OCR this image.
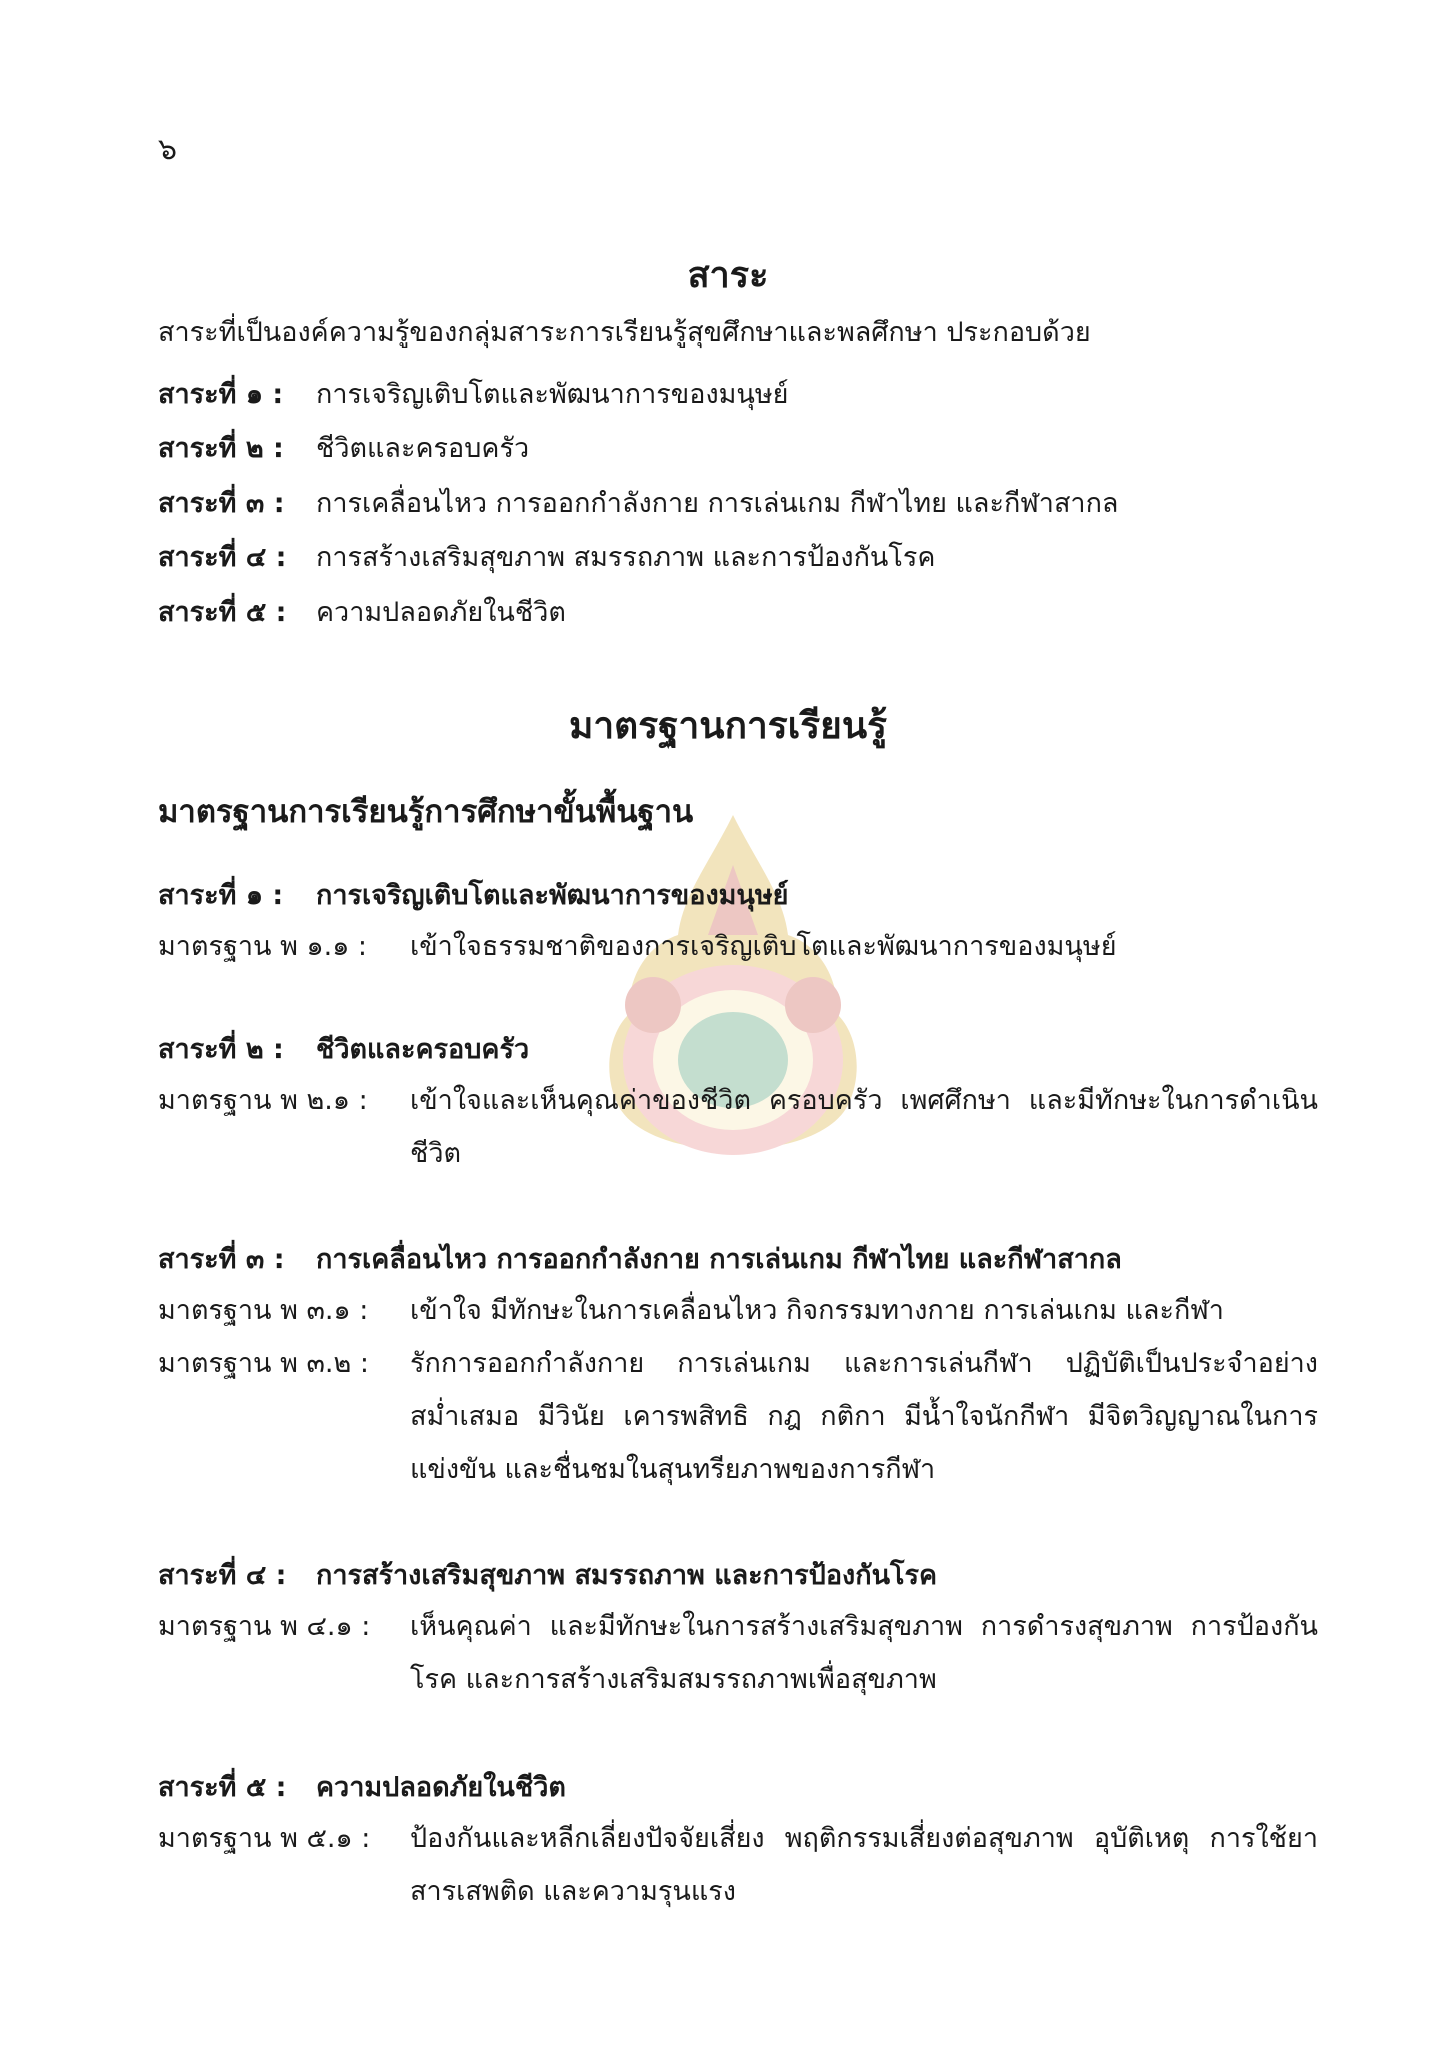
๖
สาระ
สาระที่เป็นองค์ความรู้ของกลุ่มสาระการเรียนรู้สุขศึกษาและพลศึกษา ประกอบด้วย
สาระที่ ๑ :	การเจริญเติบโตและพัฒนาการของมนุษย์
สาระที่ ๒ :	ชีวิตและครอบครัว
สาระที่ ๓ :	การเคลื่อนไหว การออกกำลังกาย การเล่นเกม กีฬาไทย และกีฬาสากล
สาระที่ ๔ :	การสร้างเสริมสุขภาพ สมรรถภาพ และการป้องกันโรค
สาระที่ ๕ :	ความปลอดภัยในชีวิต
มาตรฐานการเรียนรู้
มาตรฐานการเรียนรู้การศึกษาขั้นพื้นฐาน
สาระที่ ๑ :	การเจริญเติบโตและพัฒนาการของมนุษย์
มาตรฐาน พ ๑.๑ :	เข้าใจธรรมชาติของการเจริญเติบโตและพัฒนาการของมนุษย์
สาระที่ ๒ :	ชีวิตและครอบครัว
มาตรฐาน พ ๒.๑ :	เข้าใจและเห็นคุณค่าของชีวิต ครอบครัว เพศศึกษา และมีทักษะในการดำเนินชีวิต
สาระที่ ๓ :	การเคลื่อนไหว การออกกำลังกาย การเล่นเกม กีฬาไทย และกีฬาสากล
มาตรฐาน พ ๓.๑ :	เข้าใจ มีทักษะในการเคลื่อนไหว กิจกรรมทางกาย การเล่นเกม และกีฬา
มาตรฐาน พ ๓.๒ :	รักการออกกำลังกาย การเล่นเกม และการเล่นกีฬา ปฏิบัติเป็นประจำอย่างสม่ำเสมอ มีวินัย เคารพสิทธิ กฎ กติกา มีน้ำใจนักกีฬา มีจิตวิญญาณในการแข่งขัน และชื่นชมในสุนทรียภาพของการกีฬา
สาระที่ ๔ :	การสร้างเสริมสุขภาพ สมรรถภาพ และการป้องกันโรค
มาตรฐาน พ ๔.๑ :	เห็นคุณค่า และมีทักษะในการสร้างเสริมสุขภาพ การดำรงสุขภาพ การป้องกันโรค และการสร้างเสริมสมรรถภาพเพื่อสุขภาพ
สาระที่ ๕ :	ความปลอดภัยในชีวิต
มาตรฐาน พ ๕.๑ :	ป้องกันและหลีกเลี่ยงปัจจัยเสี่ยง พฤติกรรมเสี่ยงต่อสุขภาพ อุบัติเหตุ การใช้ยา สารเสพติด และความรุนแรง
